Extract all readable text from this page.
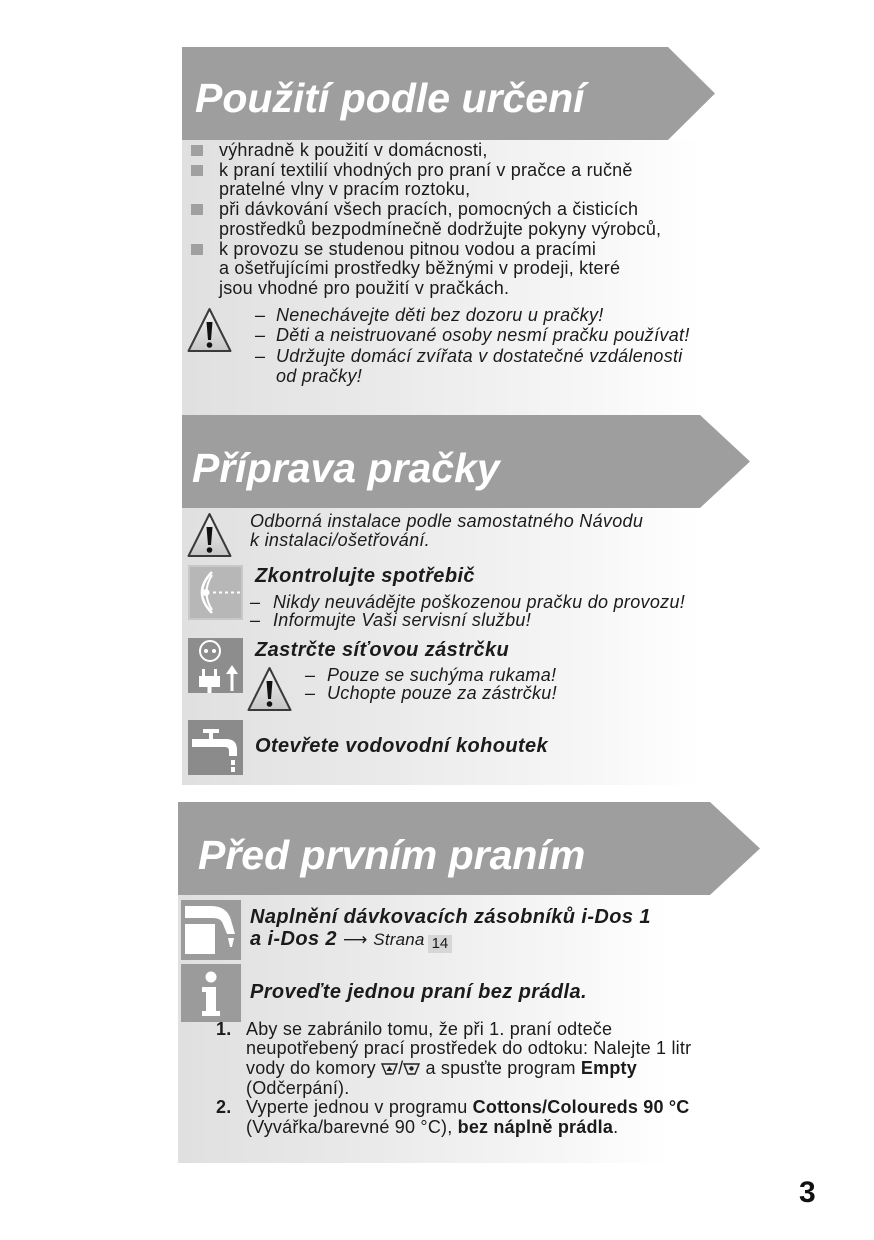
Použití podle určení
výhradně k použití v domácnosti,
k praní textilií vhodných pro praní v pračce a ručně
pratelné vlny v pracím roztoku,
při dávkování všech pracích, pomocných a čisticích
prostředků bezpodmínečně dodržujte pokyny výrobců,
k provozu se studenou pitnou vodou a pracími
a ošetřujícími prostředky běžnými v prodeji, které
jsou vhodné pro použití v pračkách.
– Nenechávejte děti bez dozoru u pračky!
– Děti a neistruované osoby nesmí pračku používat!
– Udržujte domácí zvířata v dostatečné vzdálenosti
od pračky!
Příprava pračky
Odborná instalace podle samostatného Návodu
k instalaci/ošetřování.
Zkontrolujte spotřebič
– Nikdy neuvádějte poškozenou pračku do provozu!
– Informujte Vaši servisní službu!
Zastrčte síťovou zástrčku
– Pouze se suchýma rukama!
– Uchopte pouze za zástrčku!
Otevřete vodovodní kohoutek
Před prvním praním
Naplnění dávkovacích zásobníků i-Dos 1
a i-Dos 2 ⟶ Strana 14
Proveďte jednou praní bez prádla.
1. Aby se zabránilo tomu, že při 1. praní odteče
neupotřebený prací prostředek do odtoku: Nalejte 1 litr
vody do komory / a spusťte program Empty
(Odčerpání).
2. Vyperte jednou v programu Cottons/Coloureds 90 °C
(Vyvářka/barevné 90 °C), bez náplně prádla.
3
